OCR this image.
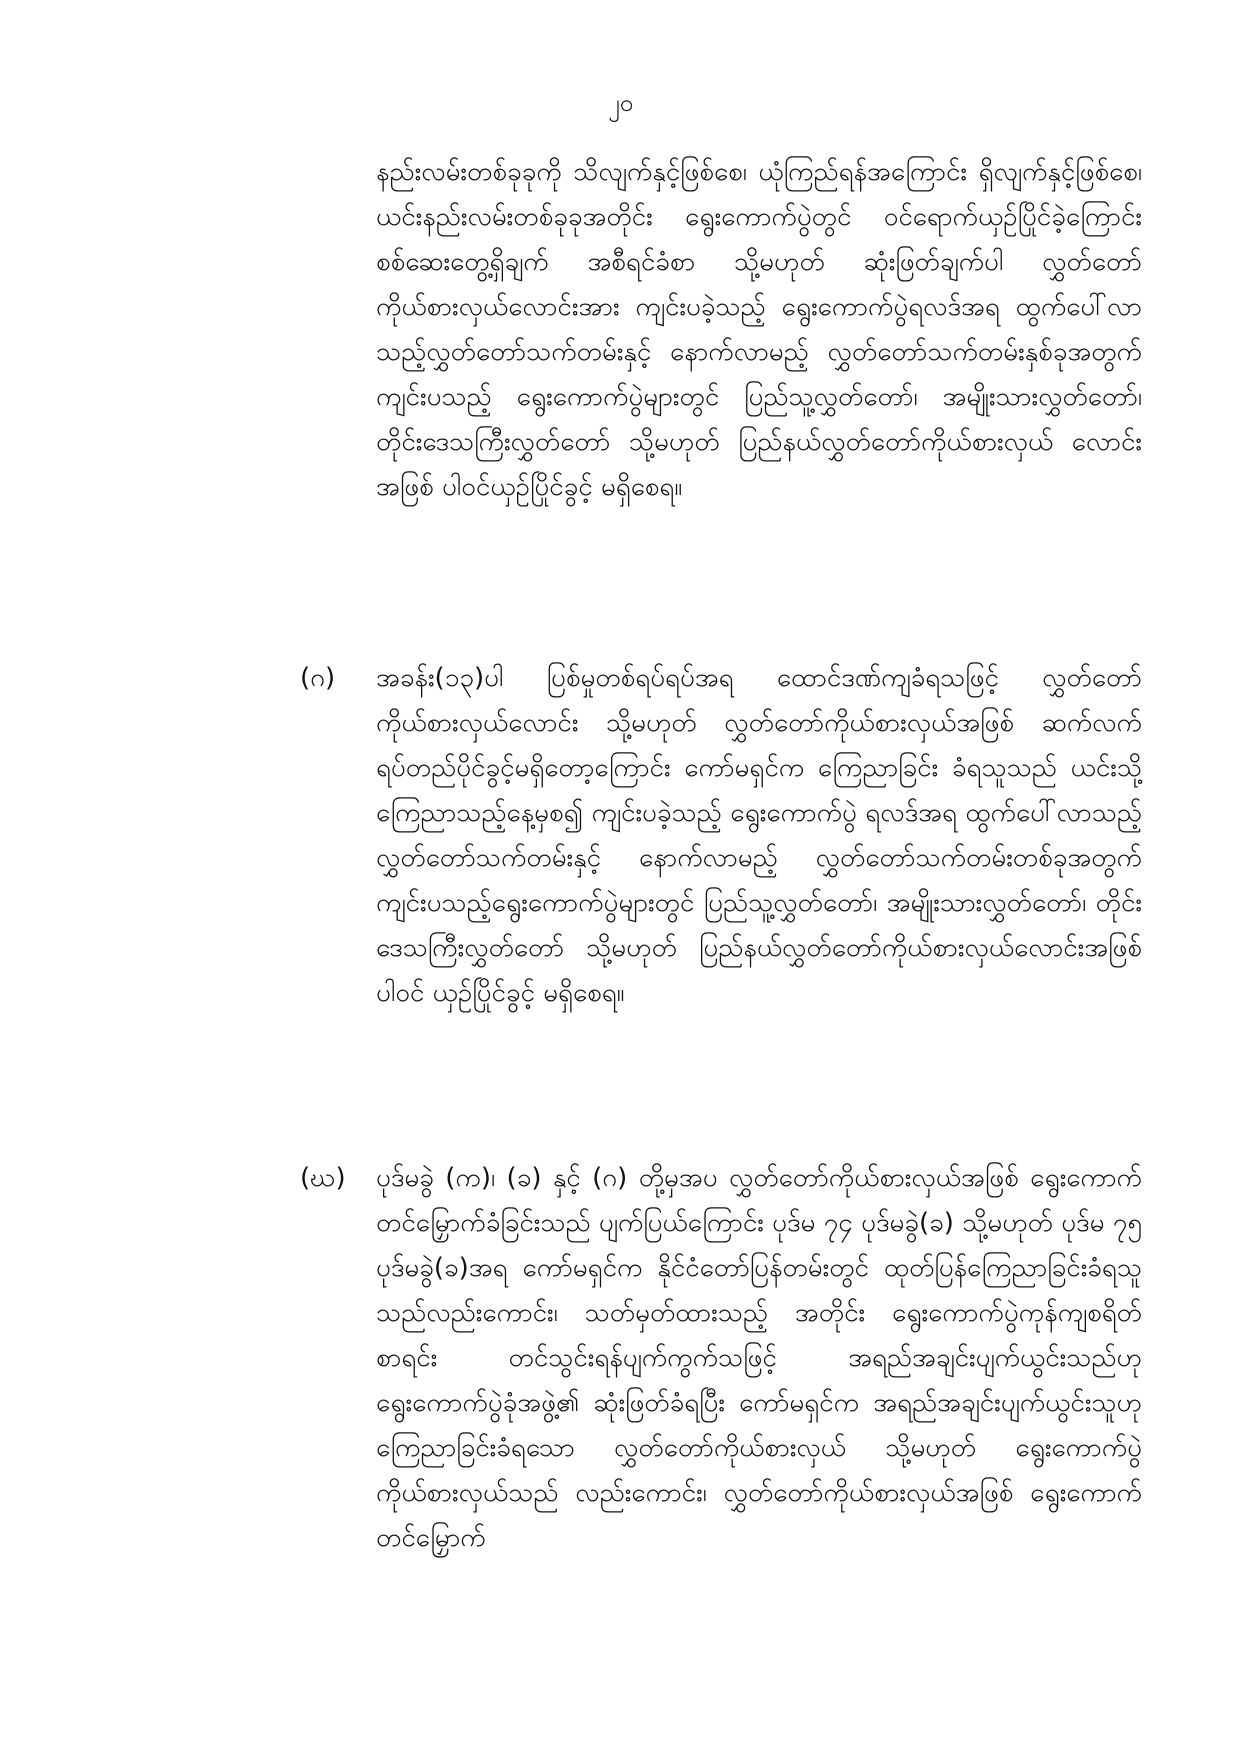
၂၀
နည်းလမ်းတစ်ခုခုကို သိလျက်နှင့်ဖြစ်စေ၊ ယုံကြည်ရန်အကြောင်း ရှိလျက်နှင့်ဖြစ်စေ၊ ယင်းနည်းလမ်းတစ်ခုခုအတိုင်း ရွေးကောက်ပွဲတွင် ဝင်ရောက်ယှဉ်ပြိုင်ခဲ့ကြောင်း စစ်ဆေးတွေ့ရှိချက် အစီရင်ခံစာ သို့မဟုတ် ဆုံးဖြတ်ချက်ပါ လွှတ်တော်ကိုယ်စားလှယ်လောင်းအား ကျင်းပခဲ့သည့် ရွေးကောက်ပွဲရလဒ်အရ ထွက်ပေါ်လာသည့်လွှတ်တော်သက်တမ်းနှင့် နောက်လာမည့် လွှတ်တော်သက်တမ်းနှစ်ခုအတွက် ကျင်းပသည့် ရွေးကောက်ပွဲများတွင် ပြည်သူ့လွှတ်တော်၊ အမျိုးသားလွှတ်တော်၊ တိုင်းဒေသကြီးလွှတ်တော် သို့မဟုတ် ပြည်နယ်လွှတ်တော်ကိုယ်စားလှယ် လောင်းအဖြစ် ပါဝင်ယှဉ်ပြိုင်ခွင့် မရှိစေရ။
(ဂ)	အခန်း(၁၃)ပါ ပြစ်မှုတစ်ရပ်ရပ်အရ ထောင်ဒဏ်ကျခံရသဖြင့် လွှတ်တော် ကိုယ်စားလှယ်လောင်း သို့မဟုတ် လွှတ်တော်ကိုယ်စားလှယ်အဖြစ် ဆက်လက်ရပ်တည်ပိုင်ခွင့်မရှိတော့ကြောင်း ကော်မရှင်က ကြေညာခြင်း ခံရသူသည် ယင်းသို့ကြေညာသည့်နေ့မှစ၍ ကျင်းပခဲ့သည့် ရွေးကောက်ပွဲ ရလဒ်အရ ထွက်ပေါ်လာသည့် လွှတ်တော်သက်တမ်းနှင့် နောက်လာမည့် လွှတ်တော်သက်တမ်းတစ်ခုအတွက် ကျင်းပသည့်ရွေးကောက်ပွဲများတွင် ပြည်သူ့လွှတ်တော်၊ အမျိုးသားလွှတ်တော်၊ တိုင်းဒေသကြီးလွှတ်တော် သို့မဟုတ် ပြည်နယ်လွှတ်တော်ကိုယ်စားလှယ်လောင်းအဖြစ် ပါဝင် ယှဉ်ပြိုင်ခွင့် မရှိစေရ။
(ဃ)	ပုဒ်မခွဲ (က)၊ (ခ) နှင့် (ဂ) တို့မှအပ လွှတ်တော်ကိုယ်စားလှယ်အဖြစ် ရွေးကောက်တင်မြှောက်ခံခြင်းသည် ပျက်ပြယ်ကြောင်း ပုဒ်မ ၇၄ ပုဒ်မခွဲ(ခ) သို့မဟုတ် ပုဒ်မ ၇၅ ပုဒ်မခွဲ(ခ)အရ ကော်မရှင်က နိုင်ငံတော်ပြန်တမ်းတွင် ထုတ်ပြန်ကြေညာခြင်းခံရသူသည်လည်းကောင်း၊ သတ်မှတ်ထားသည့် အတိုင်း ရွေးကောက်ပွဲကုန်ကျစရိတ်စာရင်း တင်သွင်းရန်ပျက်ကွက်သဖြင့် အရည်အချင်းပျက်ယွင်းသည်ဟု ရွေးကောက်ပွဲခုံအဖွဲ့၏ ဆုံးဖြတ်ခံရပြီး ကော်မရှင်က အရည်အချင်းပျက်ယွင်းသူဟု ကြေညာခြင်းခံရသော လွှတ်တော်ကိုယ်စားလှယ် သို့မဟုတ် ရွေးကောက်ပွဲကိုယ်စားလှယ်သည် လည်းကောင်း၊ လွှတ်တော်ကိုယ်စားလှယ်အဖြစ် ရွေးကောက်တင်မြှောက်
